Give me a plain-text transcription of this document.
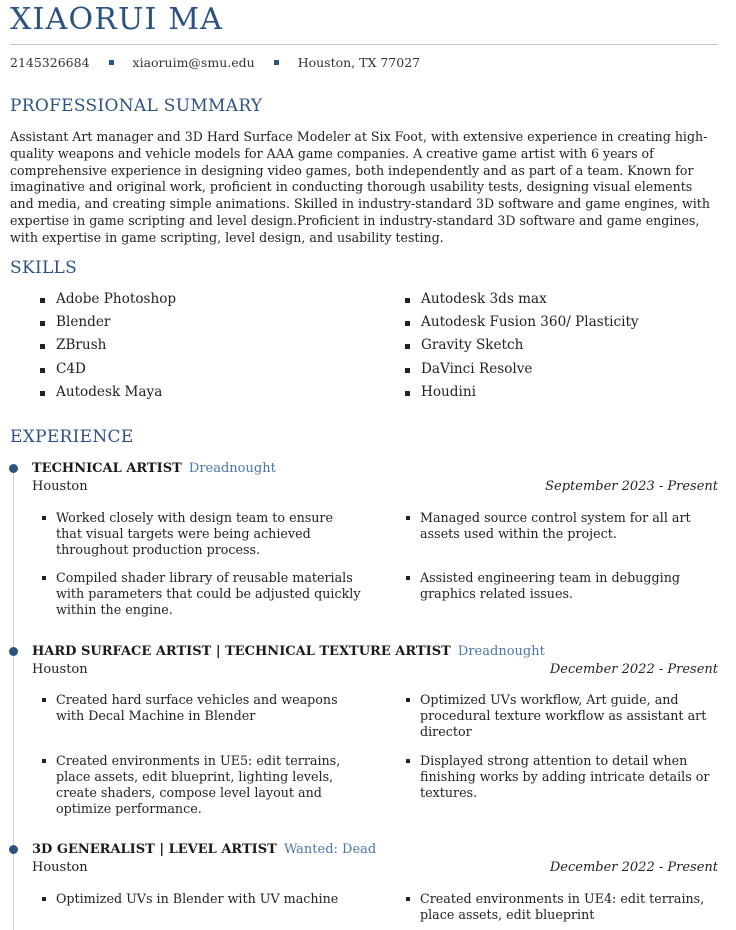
XIAORUI MA
2145326684	xiaoruim@smu.edu	Houston, TX 77027
PROFESSIONAL SUMMARY
Assistant Art manager and 3D Hard Surface Modeler at Six Foot, with extensive experience in creating high-quality weapons and vehicle models for AAA game companies. A creative game artist with 6 years of comprehensive experience in designing video games, both independently and as part of a team. Known for imaginative and original work, proficient in conducting thorough usability tests, designing visual elements and media, and creating simple animations. Skilled in industry-standard 3D software and game engines, with expertise in game scripting and level design.Proficient in industry-standard 3D software and game engines, with expertise in game scripting, level design, and usability testing.
SKILLS
Adobe Photoshop
Blender
ZBrush
C4D
Autodesk Maya
Autodesk 3ds max
Autodesk Fusion 360/ Plasticity
Gravity Sketch
DaVinci Resolve
Houdini
EXPERIENCE
TECHNICAL ARTIST Dreadnought
Houston	September 2023 - Present
Worked closely with design team to ensure that visual targets were being achieved throughout production process.
Managed source control system for all art assets used within the project.
Compiled shader library of reusable materials with parameters that could be adjusted quickly within the engine.
Assisted engineering team in debugging graphics related issues.
HARD SURFACE ARTIST | TECHNICAL TEXTURE ARTIST Dreadnought
Houston	December 2022 - Present
Created hard surface vehicles and weapons with Decal Machine in Blender
Optimized UVs workflow, Art guide, and procedural texture workflow as assistant art director
Created environments in UE5: edit terrains, place assets, edit blueprint, lighting levels, create shaders, compose level layout and optimize performance.
Displayed strong attention to detail when finishing works by adding intricate details or textures.
3D GENERALIST | LEVEL ARTIST Wanted: Dead
Houston	December 2022 - Present
Optimized UVs in Blender with UV machine	Created environments in UE4: edit terrains, place assets, edit blueprint
